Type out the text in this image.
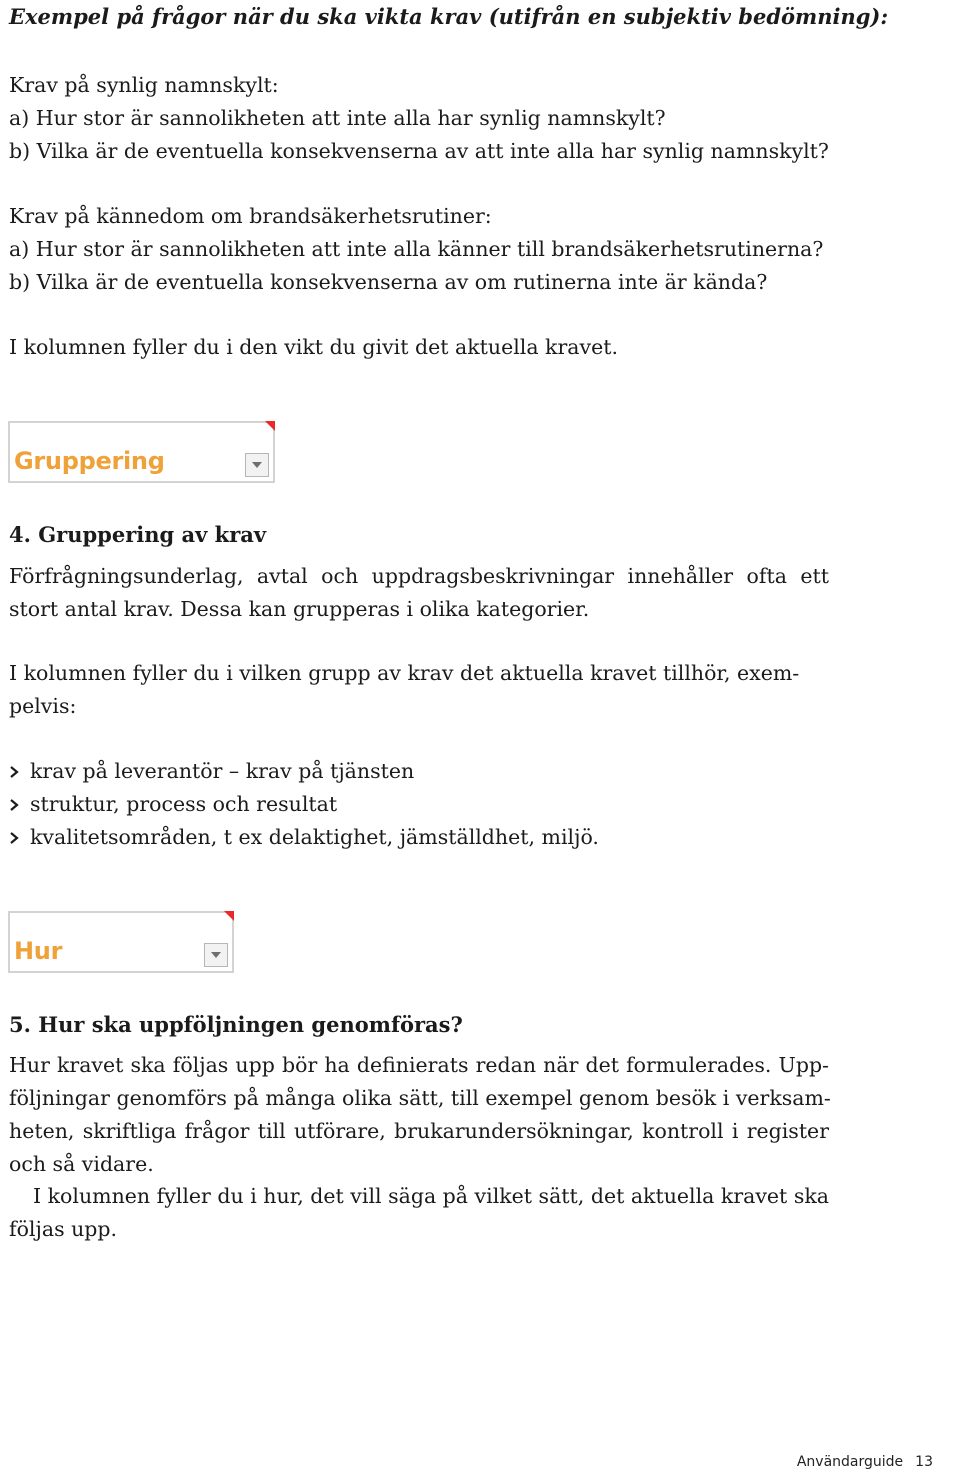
Exempel på frågor när du ska vikta krav (utifrån en subjektiv bedömning):
Krav på synlig namnskylt:
a) Hur stor är sannolikheten att inte alla har synlig namnskylt?
b) Vilka är de eventuella konsekvenserna av att inte alla har synlig namnskylt?
Krav på kännedom om brandsäkerhetsrutiner:
a) Hur stor är sannolikheten att inte alla känner till brandsäkerhetsrutinerna?
b) Vilka är de eventuella konsekvenserna av om rutinerna inte är kända?

I kolumnen fyller du i den vikt du givit det aktuella kravet.

Gruppering
4. Gruppering av krav
Förfrågningsunderlag, avtal och uppdragsbeskrivningar innehåller ofta ett
stort antal krav. Dessa kan grupperas i olika kategorier.
I kolumnen fyller du i vilken grupp av krav det aktuella kravet tillhör, exem-
pelvis:
krav på leverantör – krav på tjänsten
struktur, process och resultat
kvalitetsområden, t ex delaktighet, jämställdhet, miljö.
Hur
5. Hur ska uppföljningen genomföras?
Hur kravet ska följas upp bör ha definierats redan när det formulerades. Upp-
följningar genomförs på många olika sätt, till exempel genom besök i verksam-
heten, skriftliga frågor till utförare, brukarundersökningar, kontroll i register
och så vidare.
I kolumnen fyller du i hur, det vill säga på vilket sätt, det aktuella kravet ska
följas upp.
Användarguide 13
